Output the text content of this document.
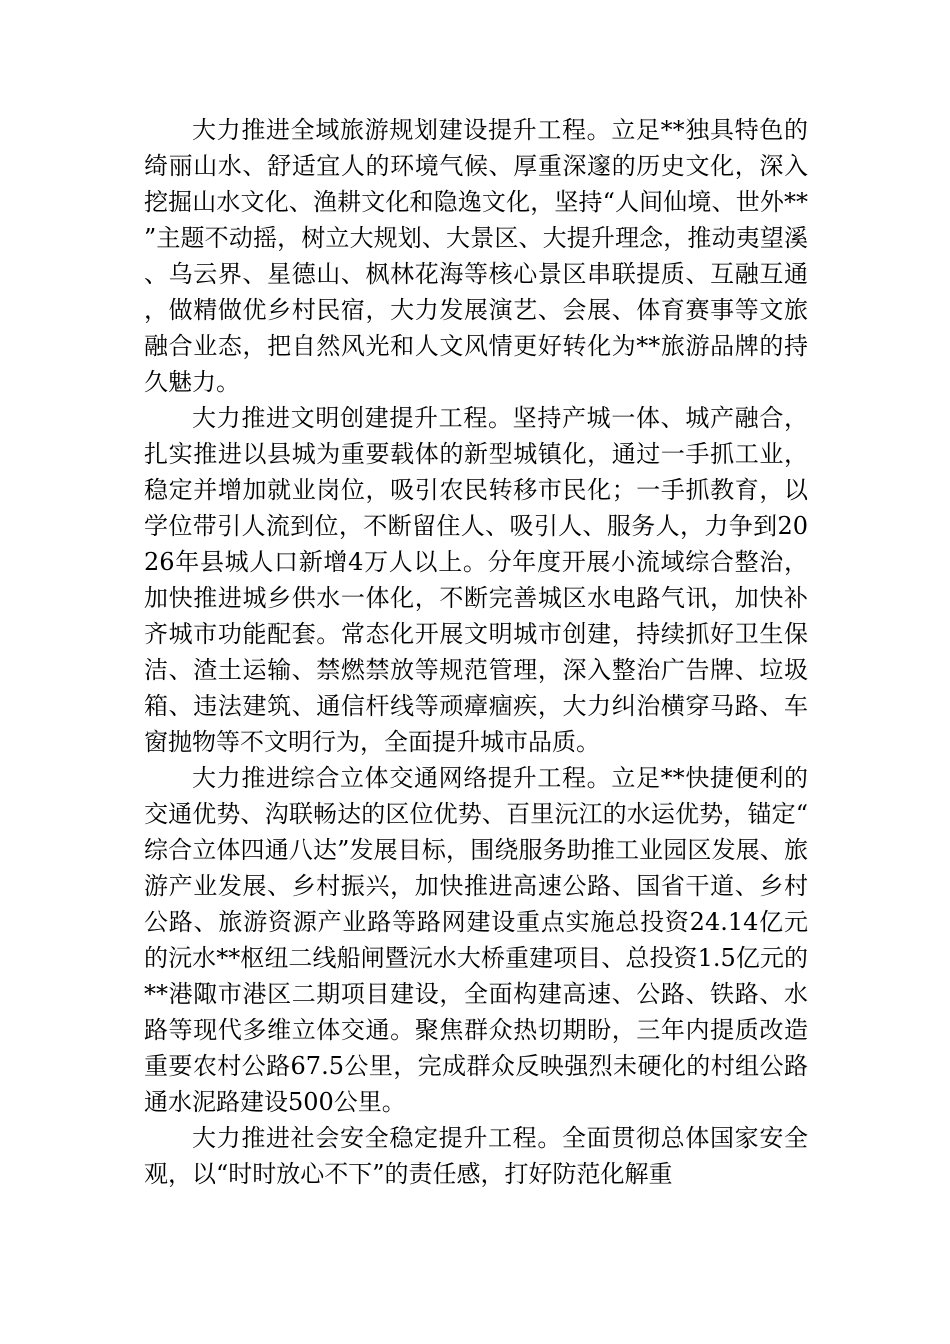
大力推进全域旅游规划建设提升工程。立足**独具特色的绮丽山水、舒适宜人的环境气候、厚重深邃的历史文化，深入挖掘山水文化、渔耕文化和隐逸文化，坚持“人间仙境、世外**”主题不动摇，树立大规划、大景区、大提升理念，推动夷望溪、乌云界、星德山、枫林花海等核心景区串联提质、互融互通，做精做优乡村民宿，大力发展演艺、会展、体育赛事等文旅融合业态，把自然风光和人文风情更好转化为**旅游品牌的持久魅力。

大力推进文明创建提升工程。坚持产城一体、城产融合，扎实推进以县城为重要载体的新型城镇化，通过一手抓工业，稳定并增加就业岗位，吸引农民转移市民化；一手抓教育，以学位带引人流到位，不断留住人、吸引人、服务人，力争到2026年县城人口新增4万人以上。分年度开展小流域综合整治，加快推进城乡供水一体化，不断完善城区水电路气讯，加快补齐城市功能配套。常态化开展文明城市创建，持续抓好卫生保洁、渣土运输、禁燃禁放等规范管理，深入整治广告牌、垃圾箱、违法建筑、通信杆线等顽瘴痼疾，大力纠治横穿马路、车窗抛物等不文明行为，全面提升城市品质。

大力推进综合立体交通网络提升工程。立足**快捷便利的交通优势、沟联畅达的区位优势、百里沅江的水运优势，锚定“综合立体四通八达”发展目标，围绕服务助推工业园区发展、旅游产业发展、乡村振兴，加快推进高速公路、国省干道、乡村公路、旅游资源产业路等路网建设重点实施总投资24.14亿元的沅水**枢纽二线船闸暨沅水大桥重建项目、总投资1.5亿元的**港陬市港区二期项目建设，全面构建高速、公路、铁路、水路等现代多维立体交通。聚焦群众热切期盼，三年内提质改造重要农村公路67.5公里，完成群众反映强烈未硬化的村组公路通水泥路建设500公里。

大力推进社会安全稳定提升工程。全面贯彻总体国家安全观，以“时时放心不下”的责任感，打好防范化解重
